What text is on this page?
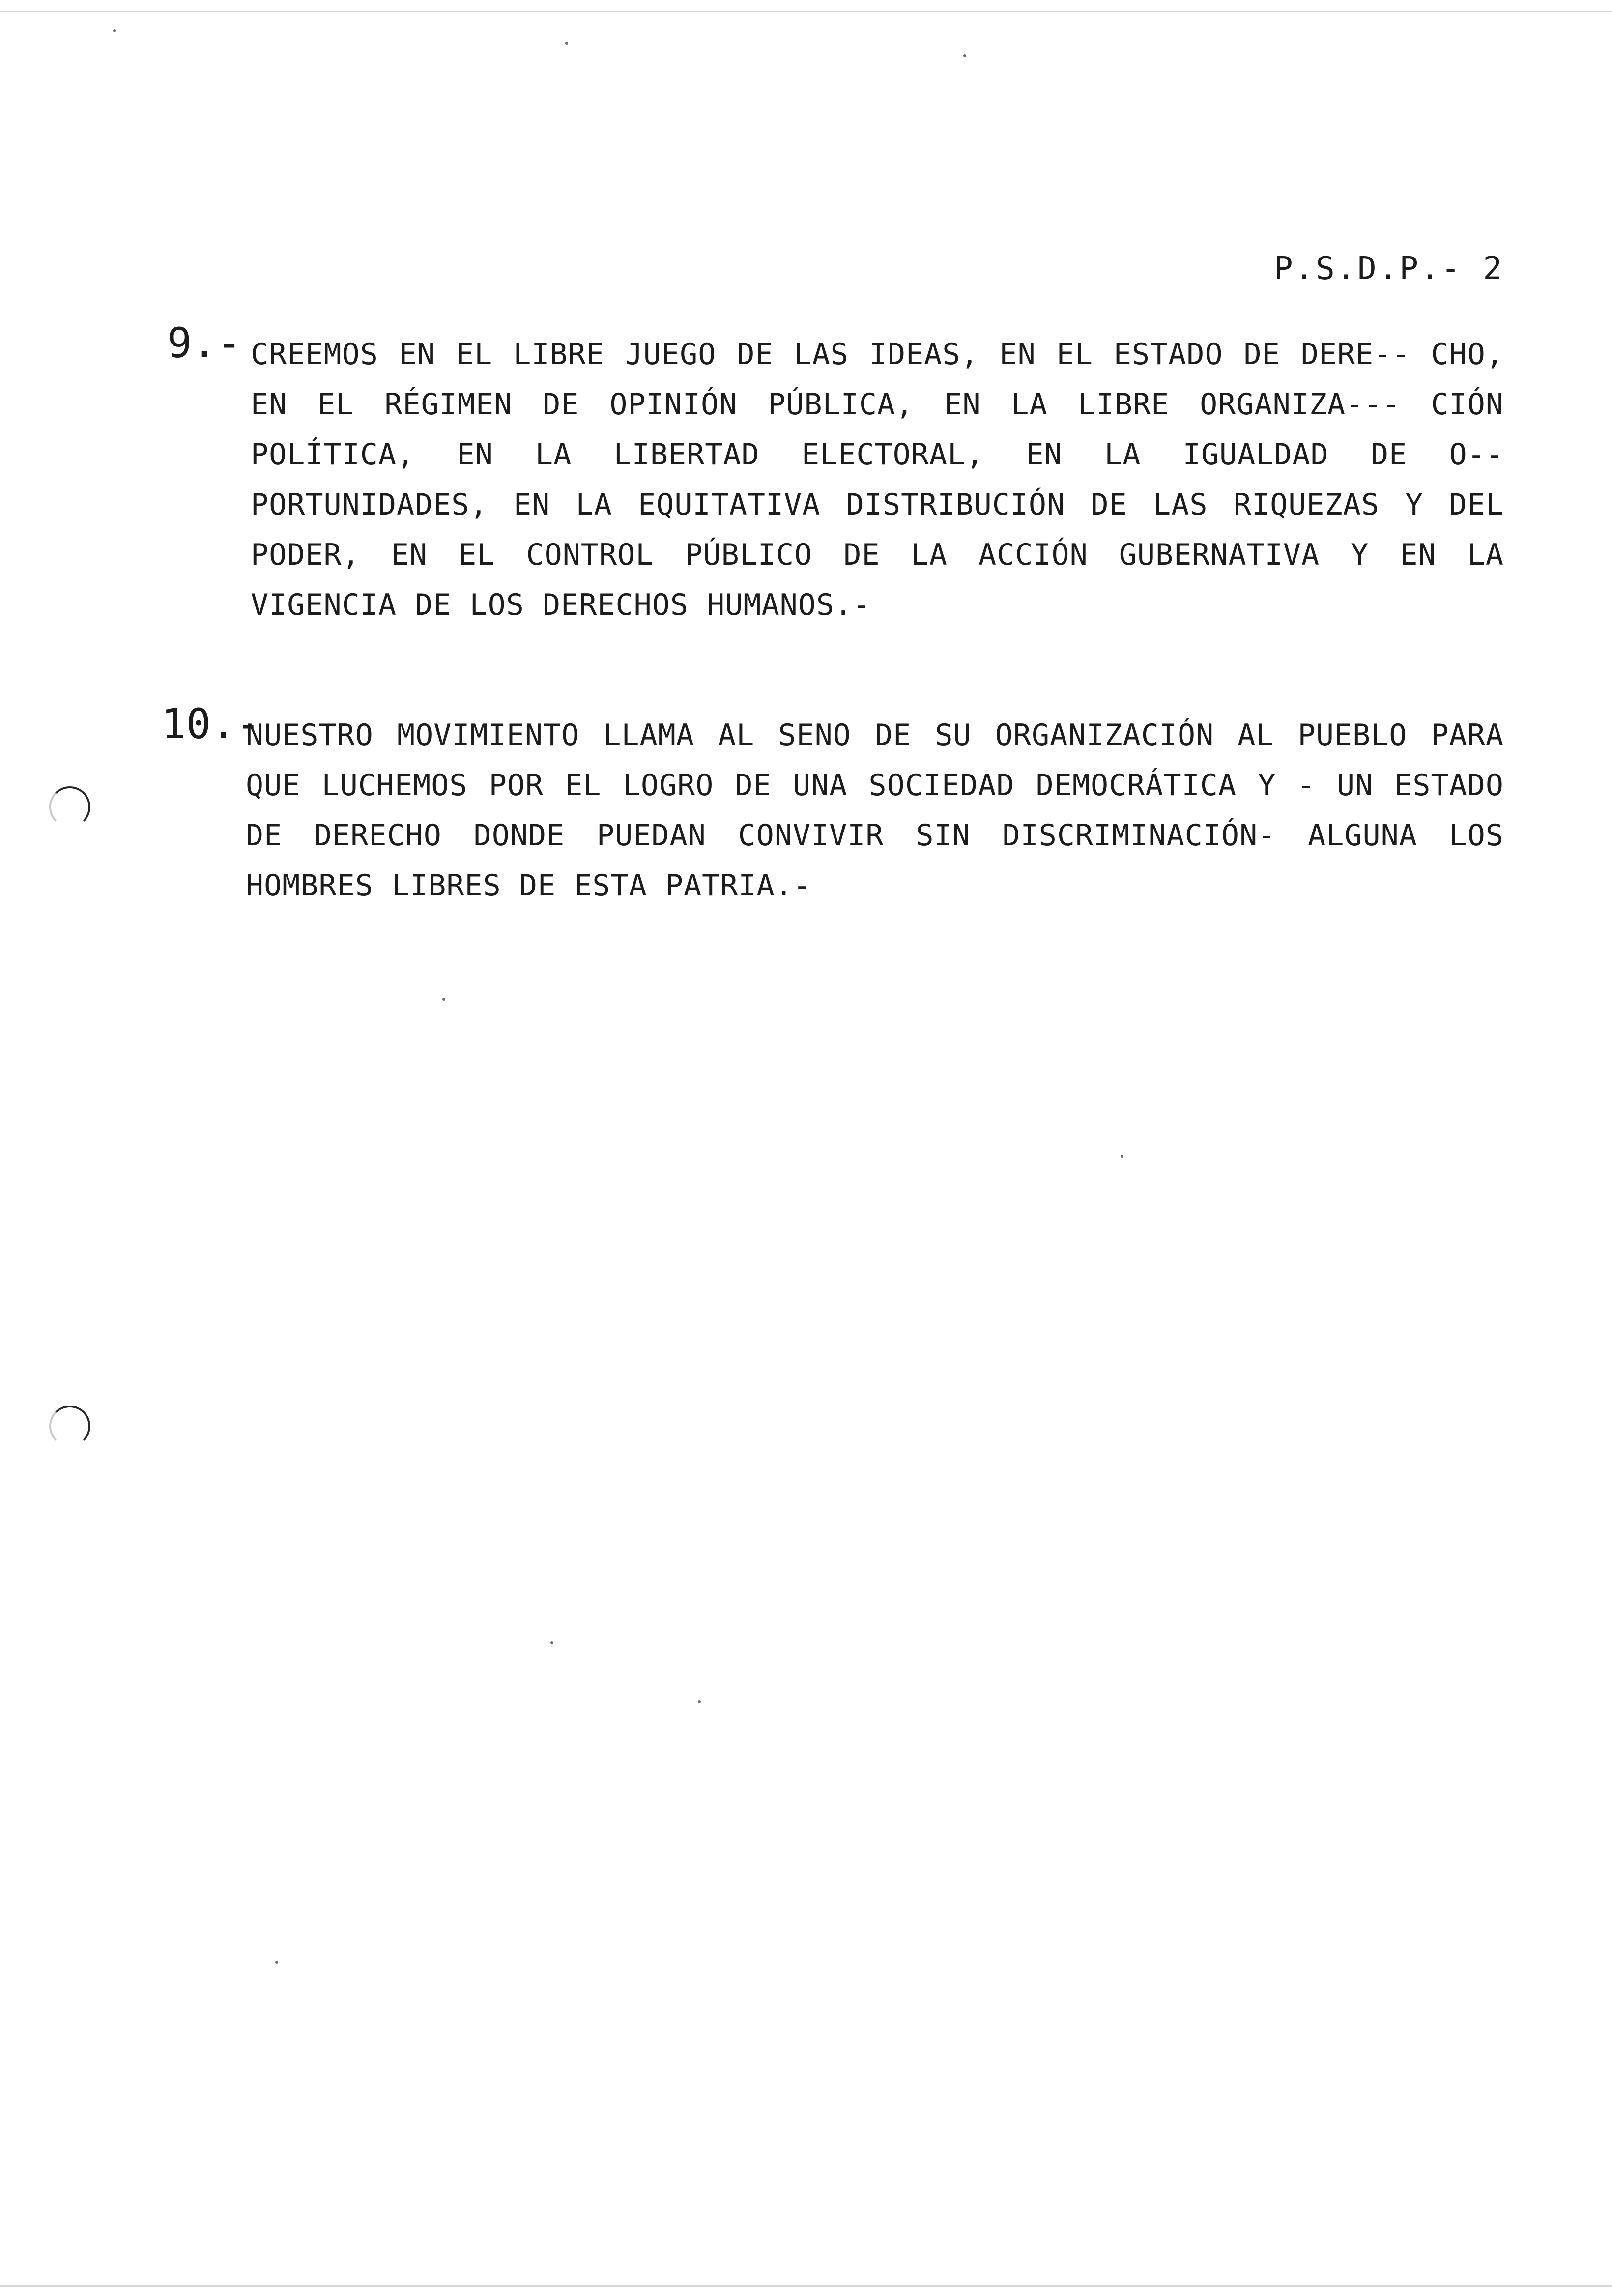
P.S.D.P.- 2
9.- CREEMOS EN EL LIBRE JUEGO DE LAS IDEAS, EN EL ESTADO DE DERE-- CHO, EN EL RÉGIMEN DE OPINIÓN PÚBLICA, EN LA LIBRE ORGANIZA--- CIÓN POLÍTICA, EN LA LIBERTAD ELECTORAL, EN LA IGUALDAD DE O-- PORTUNIDADES, EN LA EQUITATIVA DISTRIBUCIÓN DE LAS RIQUEZAS Y DEL PODER, EN EL CONTROL PÚBLICO DE LA ACCIÓN GUBERNATIVA Y EN LA VIGENCIA DE LOS DERECHOS HUMANOS.-
10.-
NUESTRO MOVIMIENTO LLAMA AL SENO DE SU ORGANIZACIÓN AL PUEBLO PARA QUE LUCHEMOS POR EL LOGRO DE UNA SOCIEDAD DEMOCRÁTICA Y - UN ESTADO DE DERECHO DONDE PUEDAN CONVIVIR SIN DISCRIMINACIÓN- ALGUNA LOS HOMBRES LIBRES DE ESTA PATRIA.-
